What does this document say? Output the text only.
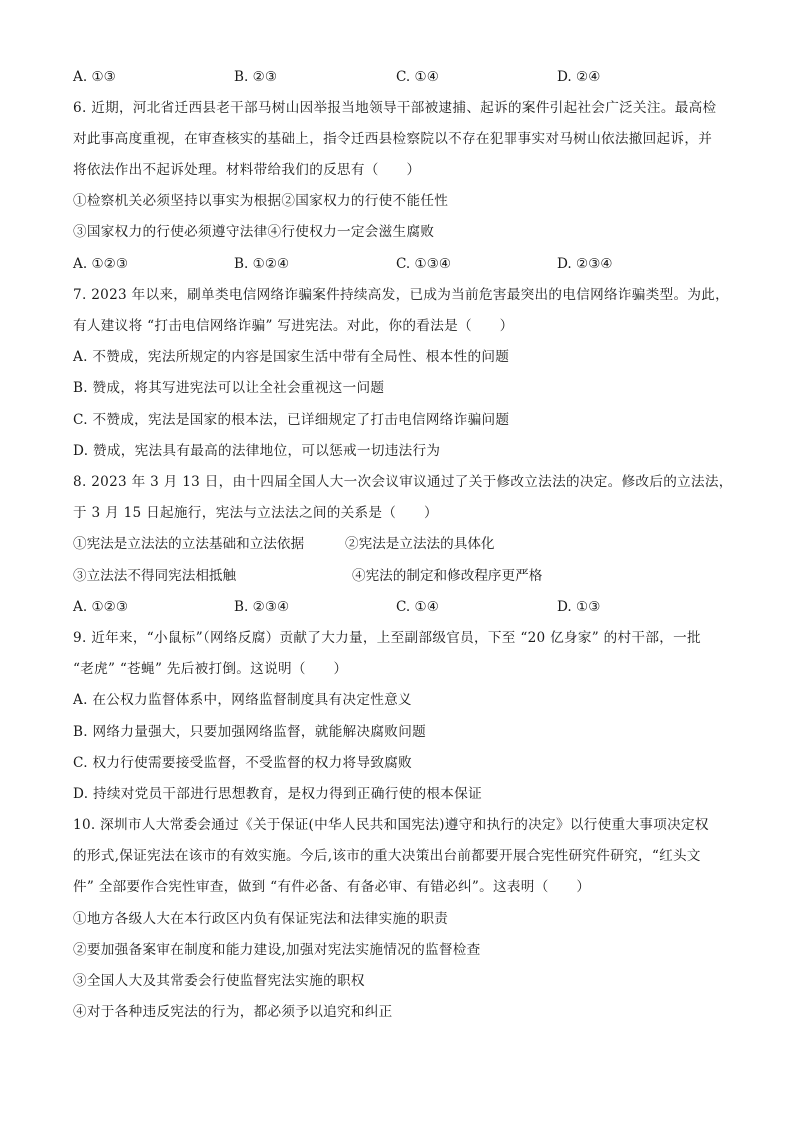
A. ①③	B. ②③	C. ①④	D. ②④
6. 近期，河北省迁西县老干部马树山因举报当地领导干部被逮捕、起诉的案件引起社会广泛关注。最高检
对此事高度重视，在审查核实的基础上，指令迁西县检察院以不存在犯罪事实对马树山依法撤回起诉，并
将依法作出不起诉处理。材料带给我们的反思有（　　）
①检察机关必须坚持以事实为根据②国家权力的行使不能任性
③国家权力的行使必须遵守法律④行使权力一定会滋生腐败
A. ①②③	B. ①②④	C. ①③④	D. ②③④
7. 2023 年以来，刷单类电信网络诈骗案件持续高发，已成为当前危害最突出的电信网络诈骗类型。为此，
有人建议将 “打击电信网络诈骗” 写进宪法。对此，你的看法是（　　）
A. 不赞成，宪法所规定的内容是国家生活中带有全局性、根本性的问题
B. 赞成，将其写进宪法可以让全社会重视这一问题
C. 不赞成，宪法是国家的根本法，已详细规定了打击电信网络诈骗问题
D. 赞成，宪法具有最高的法律地位，可以惩戒一切违法行为
8. 2023 年 3 月 13 日，由十四届全国人大一次会议审议通过了关于修改立法法的决定。修改后的立法法，
于 3 月 15 日起施行，宪法与立法法之间的关系是（　　）
①宪法是立法法的立法基础和立法依据	②宪法是立法法的具体化
③立法法不得同宪法相抵触	④宪法的制定和修改程序更严格
A. ①②③	B. ②③④	C. ①④	D. ①③
9. 近年来，“小鼠标”（网络反腐）贡献了大力量，上至副部级官员，下至 “20 亿身家” 的村干部，一批
“老虎” “苍蝇” 先后被打倒。这说明（　　）
A. 在公权力监督体系中，网络监督制度具有决定性意义
B. 网络力量强大，只要加强网络监督，就能解决腐败问题
C. 权力行使需要接受监督，不受监督的权力将导致腐败
D. 持续对党员干部进行思想教育，是权力得到正确行使的根本保证
10. 深圳市人大常委会通过《关于保证(中华人民共和国宪法)遵守和执行的决定》以行使重大事项决定权
的形式,保证宪法在该市的有效实施。今后,该市的重大决策出台前都要开展合宪性研究件研究，“红头文
件” 全部要作合宪性审查，做到 “有件必备、有备必审、有错必纠”。这表明（　　）
①地方各级人大在本行政区内负有保证宪法和法律实施的职责
②要加强备案审在制度和能力建设,加强对宪法实施情况的监督检查
③全国人大及其常委会行使监督宪法实施的职权
④对于各种违反宪法的行为，都必须予以追究和纠正
